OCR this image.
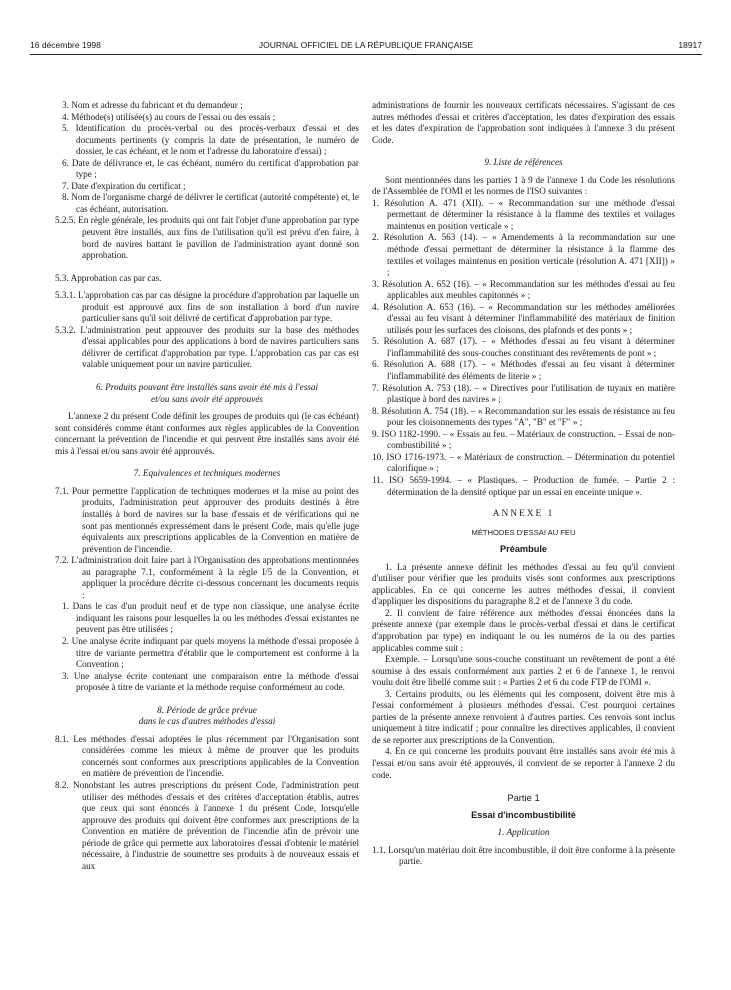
16 décembre 1998	JOURNAL OFFICIEL DE LA RÉPUBLIQUE FRANÇAISE	18917

3. Nom et adresse du fabricant et du demandeur ;

4. Méthode(s) utilisée(s) au cours de l'essai ou des essais ;

5. Identification du procès-verbal ou des procès-verbaux d'essai et des documents pertinents (y compris la date de présentation, le numéro de dossier, le cas échéant, et le nom et l'adresse du laboratoire d'essai) ;

6. Date de délivrance et, le cas échéant, numéro du certificat d'approbation par type ;

7. Date d'expiration du certificat ;

8. Nom de l'organisme chargé de délivrer le certificat (autorité compétente) et, le cas échéant, autorisation.

5.2.5. En règle générale, les produits qui ont fait l'objet d'une approbation par type peuvent être installés, aux fins de l'utilisation qu'il est prévu d'en faire, à bord de navires battant le pavillon de l'administration ayant donné son approbation.

5.3. Approbation cas par cas.

5.3.1. L'approbation cas par cas désigne la procédure d'approbation par laquelle un produit est approuvé aux fins de son installation à bord d'un navire particulier sans qu'il soit délivré de certificat d'approbation par type.

5.3.2. L'administration peut approuver des produits sur la base des méthodes d'essai applicables pour des applications à bord de navires particuliers sans délivrer de certificat d'approbation par type. L'approbation cas par cas est valable uniquement pour un navire particulier.

6. Produits pouvant être installés sans avoir été mis à l'essai

et/ou sans avoir été approuvés

L'annexe 2 du présent Code définit les groupes de produits qui (le cas échéant) sont considérés comme étant conformes aux règles applicables de la Convention concernant la prévention de l'incendie et qui peuvent être installés sans avoir été mis à l'essai et/ou sans avoir été approuvés.

7. Equivalences et techniques modernes

7.1. Pour permettre l'application de techniques modernes et la mise au point des produits, l'administration peut approuver des produits destinés à être installés à bord de navires sur la base d'essais et de vérifications qui ne sont pas mentionnés expressément dans le présent Code, mais qu'elle juge équivalents aux prescriptions applicables de la Convention en matière de prévention de l'incendie.

7.2. L'administration doit faire part à l'Organisation des approbations mentionnées au paragraphe 7.1, conformément à la règle I/5 de la Convention, et appliquer la procédure décrite ci-dessous concernant les documents requis :

1. Dans le cas d'un produit neuf et de type non classique, une analyse écrite indiquant les raisons pour lesquelles la ou les méthodes d'essai existantes ne peuvent pas être utilisées ;

2. Une analyse écrite indiquant par quels moyens la méthode d'essai proposée à titre de variante permettra d'établir que le comportement est conforme à la Convention ;

3. Une analyse écrite contenant une comparaison entre la méthode d'essai proposée à titre de variante et la méthode requise conformément au code.

8. Période de grâce prévue

dans le cas d'autres méthodes d'essai

8.1. Les méthodes d'essai adoptées le plus récemment par l'Organisation sont considérées comme les mieux à même de prouver que les produits concernés sont conformes aux prescriptions applicables de la Convention en matière de prévention de l'incendie.

8.2. Nonobstant les autres prescriptions du présent Code, l'administration peut utiliser des méthodes d'essais et des critères d'acceptation établis, autres que ceux qui sont énoncés à l'annexe 1 du présent Code, lorsqu'elle approuve des produits qui doivent être conformes aux prescriptions de la Convention en matière de prévention de l'incendie afin de prévoir une période de grâce qui permette aux laboratoires d'essai d'obtenir le matériel nécessaire, à l'industrie de soumettre ses produits à de nouveaux essais et aux

administrations de fournir les nouveaux certificats nécessaires. S'agissant de ces autres méthodes d'essai et critères d'acceptation, les dates d'expiration des essais et les dates d'expiration de l'approbation sont indiquées à l'annexe 3 du présent Code.

9. Liste de références

Sont mentionnées dans les parties 1 à 9 de l'annexe 1 du Code les résolutions de l'Assemblée de l'OMI et les normes de l'ISO suivantes :

1. Résolution A. 471 (XII). – « Recommandation sur une méthode d'essai permettant de déterminer la résistance à la flamme des textiles et voilages maintenus en position verticale » ;

2. Résolution A. 563 (14). – « Amendements à la recommandation sur une méthode d'essai permettant de déterminer la résistance à la flamme des textiles et voilages maintenus en position verticale (résolution A. 471 [XII]) » ;

3. Résolution A. 652 (16). – « Recommandation sur les méthodes d'essai au feu applicables aux meubles capitonnés » ;

4. Résolution A. 653 (16). – « Recommandation sur les méthodes améliorées d'essai au feu visant à déterminer l'inflammabilité des matériaux de finition utilisés pour les surfaces des cloisons, des plafonds et des ponts » ;

5. Résolution A. 687 (17). – « Méthodes d'essai au feu visant à déterminer l'inflammabilité des sous-couches constituant des revêtements de pont » ;

6. Résolution A. 688 (17). – « Méthodes d'essai au feu visant à déterminer l'inflammabilité des éléments de literie » ;

7. Résolution A. 753 (18). – « Directives pour l'utilisation de tuyaux en matière plastique à bord des navires » ;

8. Résolution A. 754 (18). – « Recommandation sur les essais de résistance au feu pour les cloisonnements des types "A", "B" et "F" » ;

9. ISO 1182-1990. – « Essais au feu. – Matériaux de construction. – Essai de non-combustibilité » ;

10. ISO 1716-1973. – « Matériaux de construction. – Détermination du potentiel calorifique » ;

11. ISO 5659-1994. – « Plastiques. – Production de fumée. – Partie 2 : détermination de la densité optique par un essai en enceinte unique ».

ANNEXE 1

MÉTHODES D'ESSAI AU FEU

Préambule

1. La présente annexe définit les méthodes d'essai au feu qu'il convient d'utiliser pour vérifier que les produits visés sont conformes aux prescriptions applicables. En ce qui concerne les autres méthodes d'essai, il convient d'appliquer les dispositions du paragraphe 8.2 et de l'annexe 3 du code.

2. Il convient de faire référence aux méthodes d'essai énoncées dans la présente annexe (par exemple dans le procès-verbal d'essai et dans le certificat d'approbation par type) en indiquant le ou les numéros de la ou des parties applicables comme suit :

Exemple. – Lorsqu'une sous-couche constituant un revêtement de pont a été soumise à des essais conformément aux parties 2 et 6 de l'annexe 1, le renvoi voulu doit être libellé comme suit : « Parties 2 et 6 du code FTP de l'OMI ».

3. Certains produits, ou les éléments qui les composent, doivent être mis à l'essai conformément à plusieurs méthodes d'essai. C'est pourquoi certaines parties de la présente annexe renvoient à d'autres parties. Ces renvois sont inclus uniquement à titre indicatif ; pour connaître les directives applicables, il convient de se reporter aux prescriptions de la Convention.

4. En ce qui concerne les produits pouvant être installés sans avoir été mis à l'essai et/ou sans avoir été approuvés, il convient de se reporter à l'annexe 2 du code.

Partie 1

Essai d'incombustibilité

1. Application

1.1. Lorsqu'un matériau doit être incombustible, il doit être conforme à la présente partie.
